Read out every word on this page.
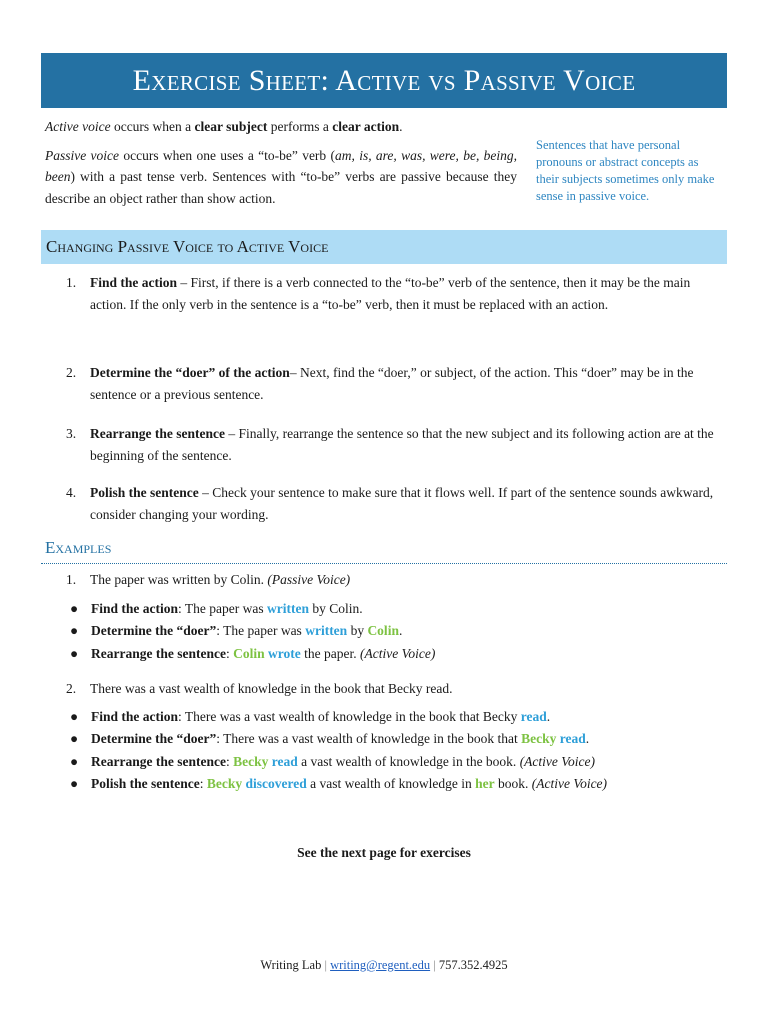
Exercise Sheet: Active vs Passive Voice

Active voice occurs when a clear subject performs a clear action.

Passive voice occurs when one uses a “to-be” verb (am, is, are, was, were, be, being, been) with a past tense verb. Sentences with “to-be” verbs are passive because they describe an object rather than show action.

Sentences that have personal pronouns or abstract concepts as their subjects sometimes only make sense in passive voice.
Changing Passive Voice to Active Voice
1. Find the action – First, if there is a verb connected to the “to-be” verb of the sentence, then it may be the main action. If the only verb in the sentence is a “to-be” verb, then it must be replaced with an action.
2. Determine the “doer” of the action– Next, find the “doer,” or subject, of the action. This “doer” may be in the sentence or a previous sentence.
3. Rearrange the sentence – Finally, rearrange the sentence so that the new subject and its following action are at the beginning of the sentence.
4. Polish the sentence – Check your sentence to make sure that it flows well. If part of the sentence sounds awkward, consider changing your wording.
Examples
1. The paper was written by Colin. (Passive Voice)
● Find the action: The paper was written by Colin.
● Determine the “doer”: The paper was written by Colin.
● Rearrange the sentence: Colin wrote the paper. (Active Voice)
2. There was a vast wealth of knowledge in the book that Becky read.
● Find the action: There was a vast wealth of knowledge in the book that Becky read.
● Determine the “doer”: There was a vast wealth of knowledge in the book that Becky read.
● Rearrange the sentence: Becky read a vast wealth of knowledge in the book. (Active Voice)
● Polish the sentence: Becky discovered a vast wealth of knowledge in her book. (Active Voice)
See the next page for exercises
Writing Lab | writing@regent.edu | 757.352.4925
